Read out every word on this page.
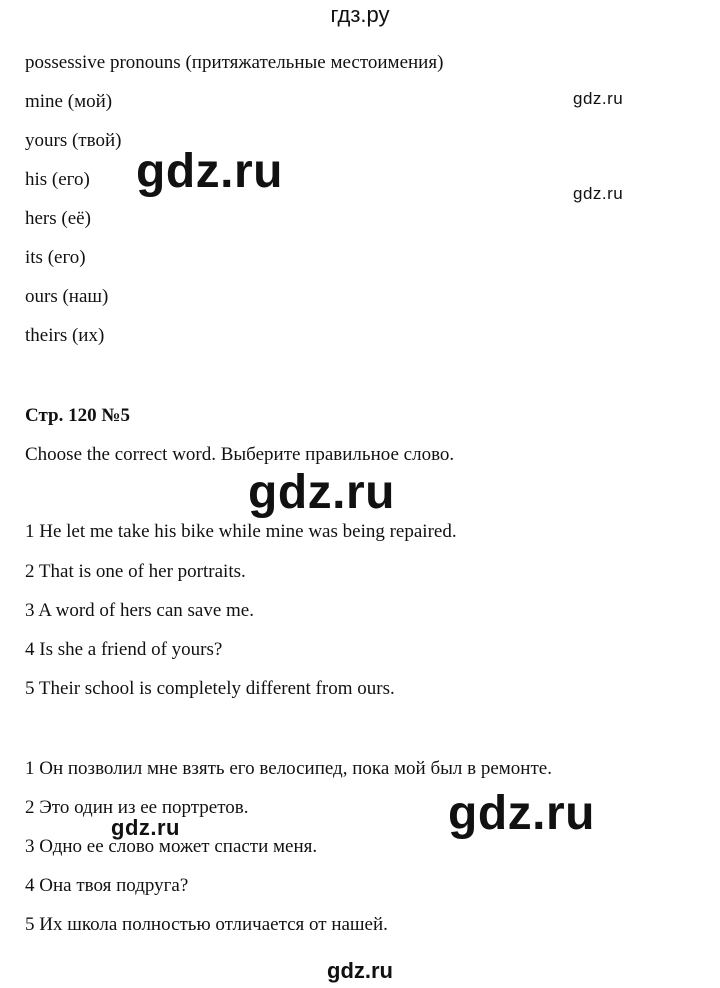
гдз.ру
possessive pronouns (притяжательные местоимения)
mine (мой)
yours (твой)
his (его)
hers (её)
its (его)
ours (наш)
theirs (их)
Стр. 120 №5
Choose the correct word. Выберите правильное слово.
1 He let me take his bike while mine was being repaired.
2 That is one of her portraits.
3 A word of hers can save me.
4 Is she a friend of yours?
5 Their school is completely different from ours.
1 Он позволил мне взять его велосипед, пока мой был в ремонте.
2 Это один из ее портретов.
3 Одно ее слово может спасти меня.
4 Она твоя подруга?
5 Их школа полностью отличается от нашей.
gdz.ru
gdz.ru
gdz.ru
gdz.ru
gdz.ru
gdz.ru
gdz.ru
